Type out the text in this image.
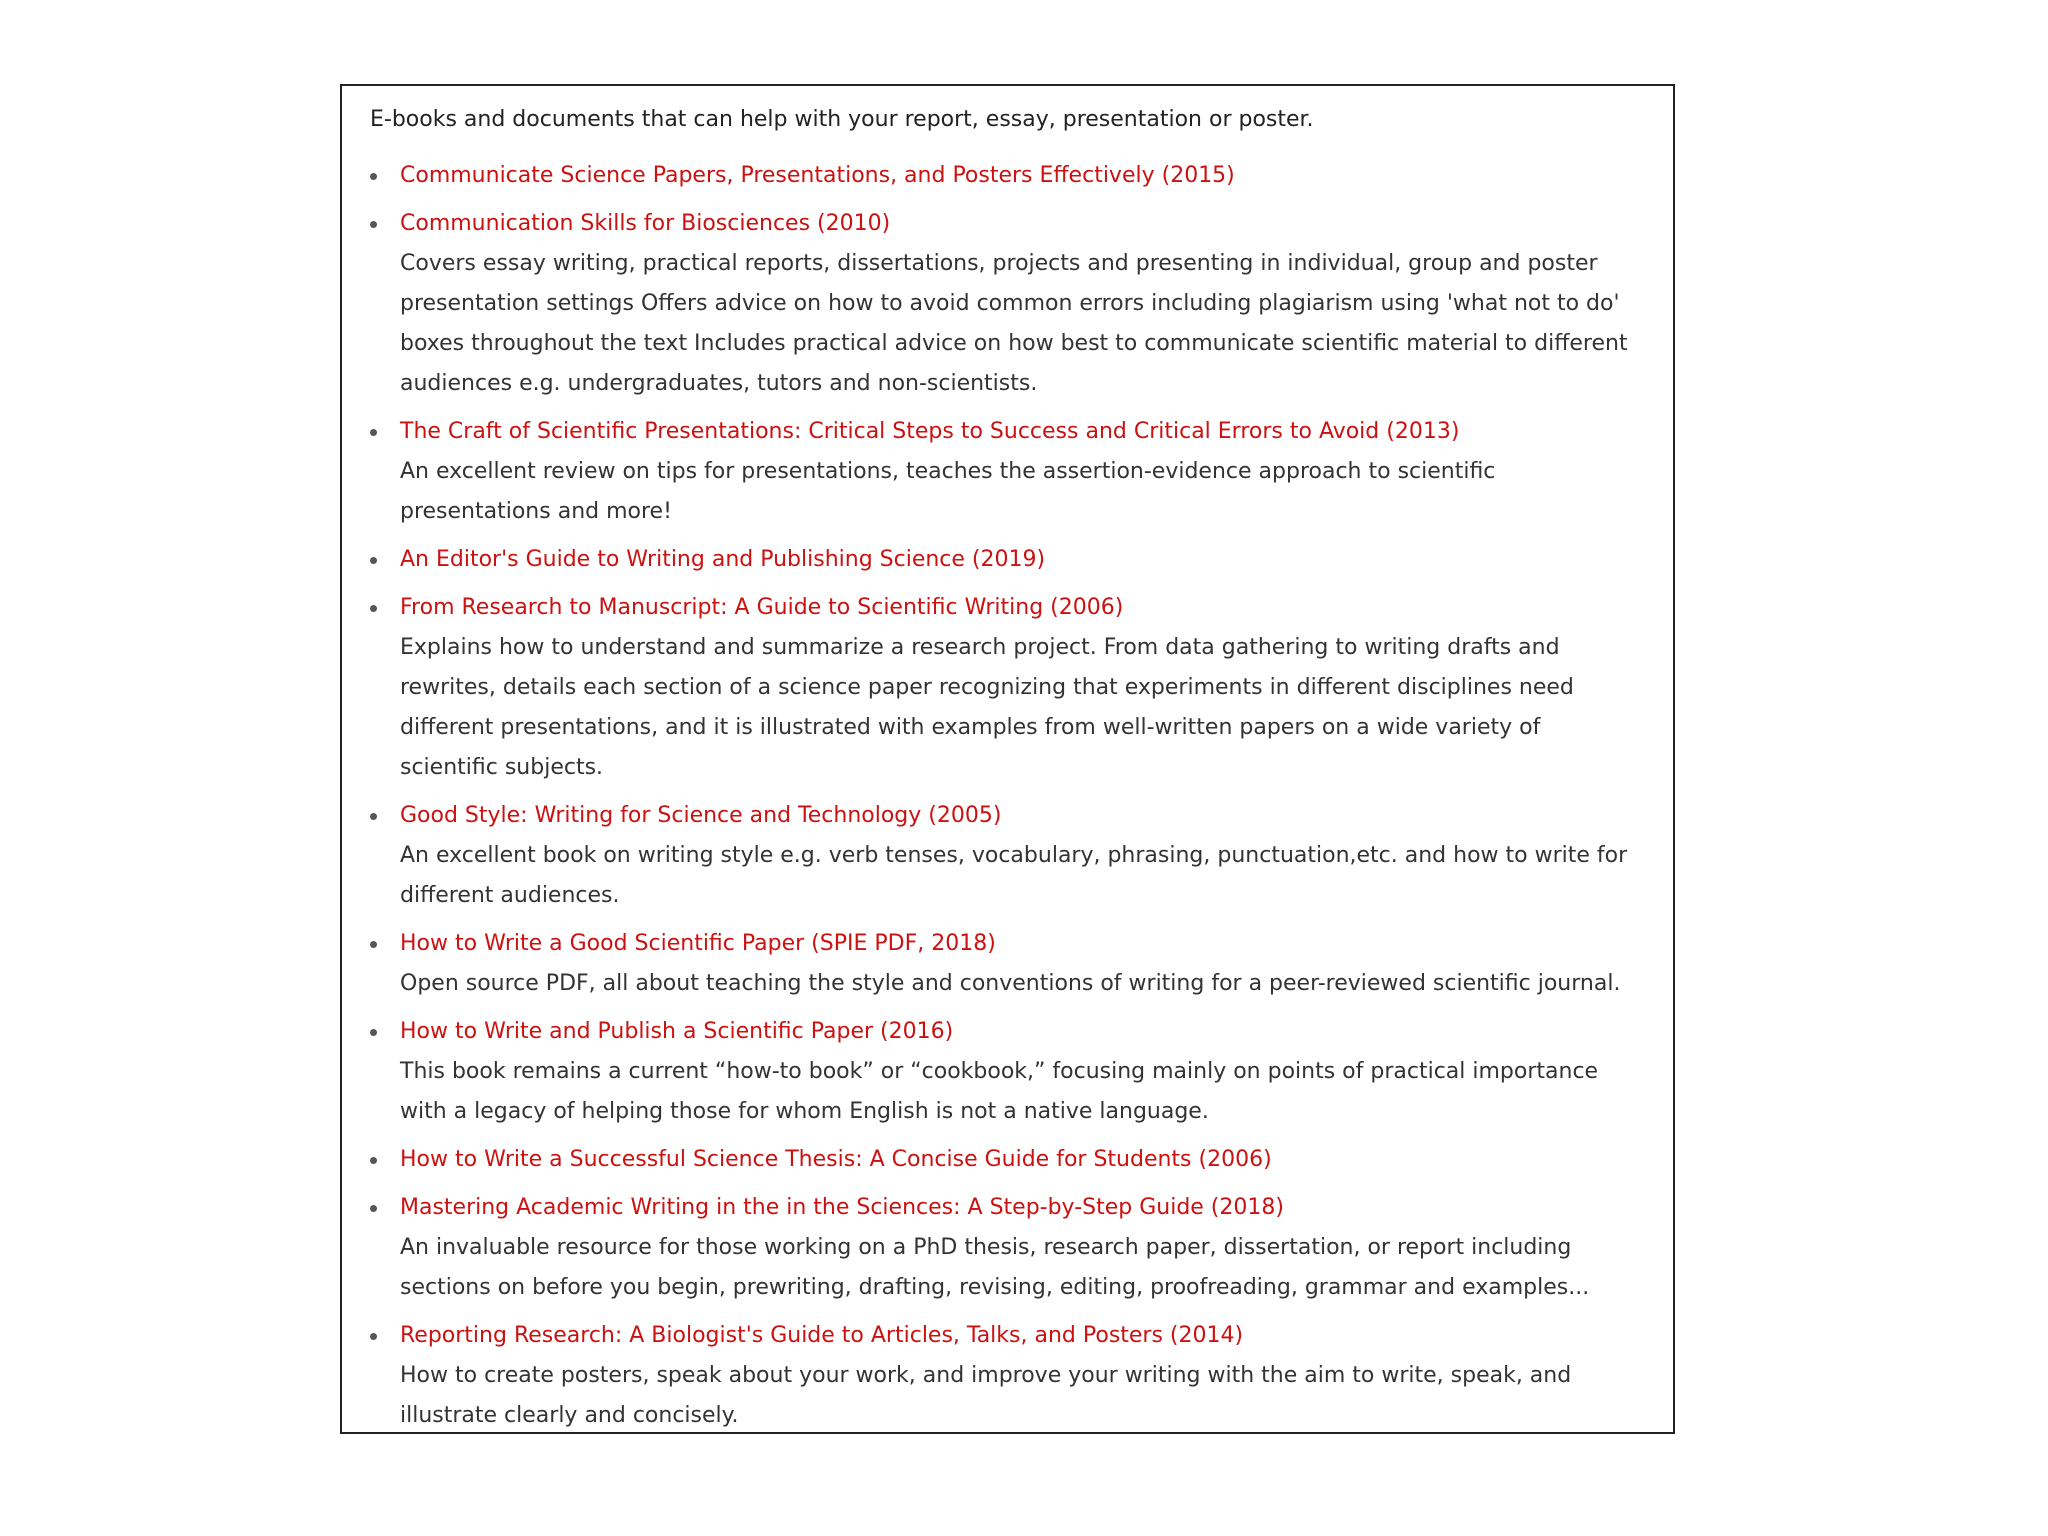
E-books and documents that can help with your report, essay, presentation or poster.

Communicate Science Papers, Presentations, and Posters Effectively (2015)
Communication Skills for Biosciences (2010)

Covers essay writing, practical reports, dissertations, projects and presenting in individual, group and poster presentation settings Offers advice on how to avoid common errors including plagiarism using 'what not to do' boxes throughout the text Includes practical advice on how best to communicate scientific material to different audiences e.g. undergraduates, tutors and non-scientists.

The Craft of Scientific Presentations: Critical Steps to Success and Critical Errors to Avoid (2013)

An excellent review on tips for presentations, teaches the assertion-evidence approach to scientific presentations and more!

An Editor's Guide to Writing and Publishing Science (2019)
From Research to Manuscript: A Guide to Scientific Writing (2006)

Explains how to understand and summarize a research project. From data gathering to writing drafts and rewrites, details each section of a science paper recognizing that experiments in different disciplines need different presentations, and it is illustrated with examples from well-written papers on a wide variety of scientific subjects.

Good Style: Writing for Science and Technology (2005)

An excellent book on writing style e.g. verb tenses, vocabulary, phrasing, punctuation,etc. and how to write for different audiences.

How to Write a Good Scientific Paper (SPIE PDF, 2018)

Open source PDF, all about teaching the style and conventions of writing for a peer-reviewed scientific journal.

How to Write and Publish a Scientific Paper (2016)

This book remains a current “how-to book” or “cookbook,” focusing mainly on points of practical importance with a legacy of helping those for whom English is not a native language.

How to Write a Successful Science Thesis: A Concise Guide for Students (2006)
Mastering Academic Writing in the in the Sciences: A Step-by-Step Guide (2018)

An invaluable resource for those working on a PhD thesis, research paper, dissertation, or report including sections on before you begin, prewriting, drafting, revising, editing, proofreading, grammar and examples...

Reporting Research: A Biologist's Guide to Articles, Talks, and Posters (2014)

How to create posters, speak about your work, and improve your writing with the aim to write, speak, and illustrate clearly and concisely.
